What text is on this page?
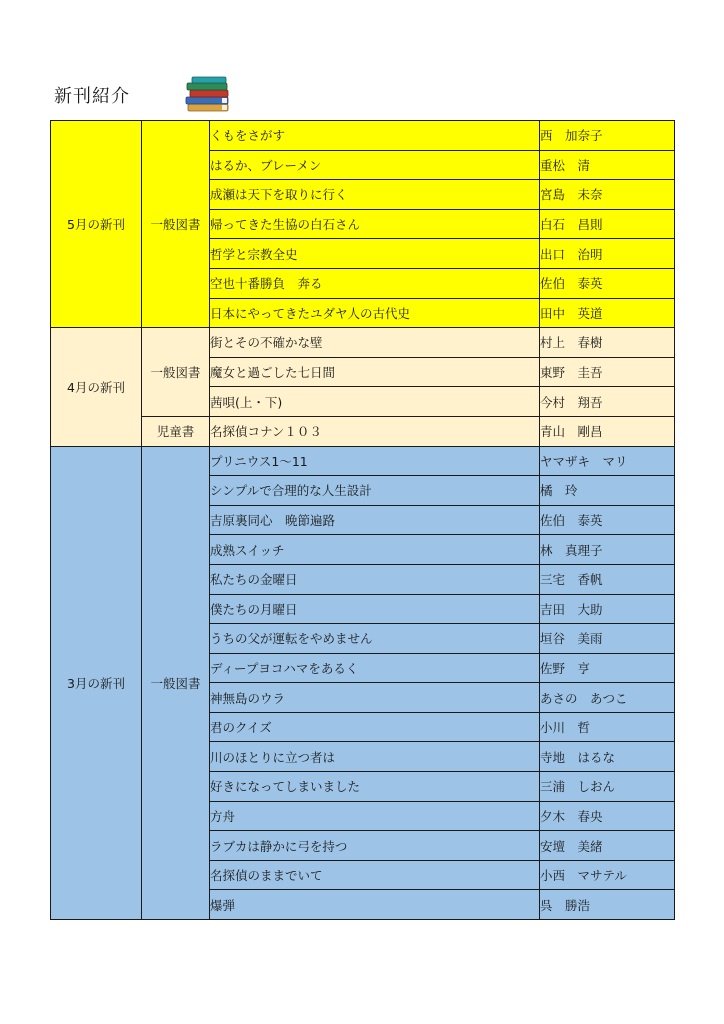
新刊紹介
5月の新刊	一般図書	くもをさがす	西　加奈子
		はるか、ブレーメン	重松　清
		成瀬は天下を取りに行く	宮島　未奈
		帰ってきた生協の白石さん	白石　昌則
		哲学と宗教全史	出口　治明
		空也十番勝負　奔る	佐伯　泰英
		日本にやってきたユダヤ人の古代史	田中　英道
4月の新刊	一般図書	街とその不確かな壁	村上　春樹
		魔女と過ごした七日間	東野　圭吾
		茜唄(上・下)	今村　翔吾
	児童書	名探偵コナン１０３	青山　剛昌
3月の新刊	一般図書	プリニウス1～11	ヤマザキ　マリ
		シンプルで合理的な人生設計	橘　玲
		吉原裏同心　晩節遍路	佐伯　泰英
		成熟スイッチ	林　真理子
		私たちの金曜日	三宅　香帆
		僕たちの月曜日	吉田　大助
		うちの父が運転をやめません	垣谷　美雨
		ディープヨコハマをあるく	佐野　亨
		神無島のウラ	あさの　あつこ
		君のクイズ	小川　哲
		川のほとりに立つ者は	寺地　はるな
		好きになってしまいました	三浦　しおん
		方舟	夕木　春央
		ラブカは静かに弓を持つ	安壇　美緒
		名探偵のままでいて	小西　マサテル
		爆弾	呉　勝浩
